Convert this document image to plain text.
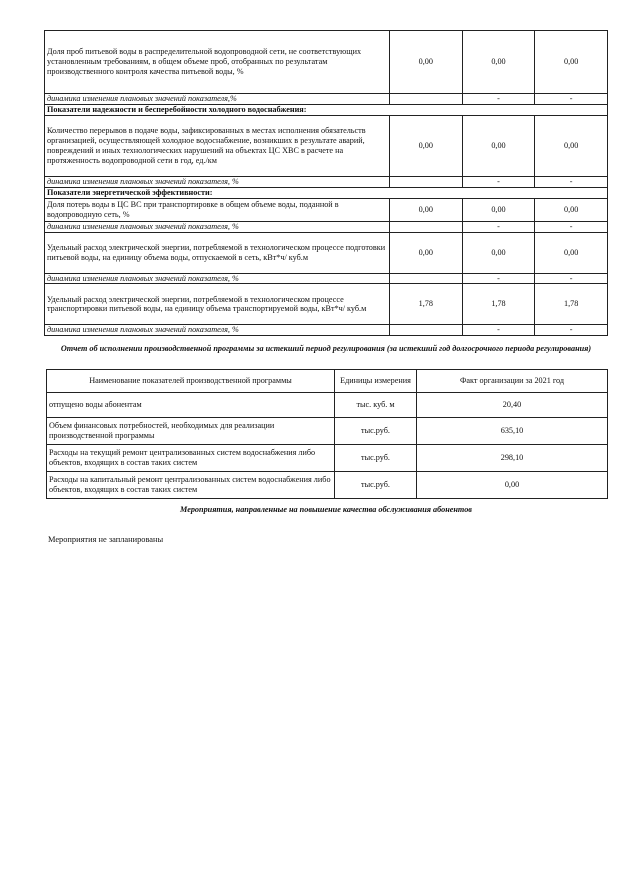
Доля проб питьевой воды в распределительной водопроводной сети, не соответствующих установленным требованиям, в общем объеме проб, отобранных по результатам производственного контроля качества питьевой воды, %	0,00	0,00	0,00
динамика изменения плановых значений показателя,%		-	-
Показатели надежности и бесперебойности холодного водоснабжения:			
Количество перерывов в подаче воды, зафиксированных в местах исполнения обязательств организацией, осуществляющей холодное водоснабжение, возникших в результате аварий, повреждений и иных технологических нарушений на объектах ЦС ХВС в расчете на протяженность водопроводной сети в год, ед./км	0,00	0,00	0,00
динамика изменения плановых значений показателя, %		-	-
Показатели энергетической эффективности:			
Доля потерь воды в ЦС ВС при транспортировке в общем объеме воды, поданной в водопроводную сеть, %	0,00	0,00	0,00
динамика изменения плановых значений показателя, %		-	-
Удельный расход электрической энергии, потребляемой в технологическом процессе подготовки питьевой воды, на единицу объема воды, отпускаемой в сеть, кВт*ч/ куб.м	0,00	0,00	0,00
динамика изменения плановых значений показателя, %		-	-
Удельный расход электрической энергии, потребляемой в технологическом процессе транспортировки питьевой воды, на единицу объема транспортируемой воды, кВт*ч/ куб.м	1,78	1,78	1,78
динамика изменения плановых значений показателя, %		-	-
Отчет об исполнении производственной программы за истекший период регулирования (за истекший год долгосрочного периода регулирования)
Наименование показателей производственной программы	Единицы измерения	Факт организации за 2021 год
отпущено воды абонентам	тыс. куб. м	20,40
Объем финансовых потребностей, необходимых для реализации производственной программы	тыс.руб.	635,10
Расходы на текущий ремонт централизованных систем водоснабжения либо объектов, входящих в состав таких систем	тыс.руб.	298,10
Расходы на капитальный ремонт централизованных систем водоснабжения либо объектов, входящих в состав таких систем	тыс.руб.	0,00
Мероприятия, направленные на повышение качества обслуживания абонентов
Мероприятия не запланированы
